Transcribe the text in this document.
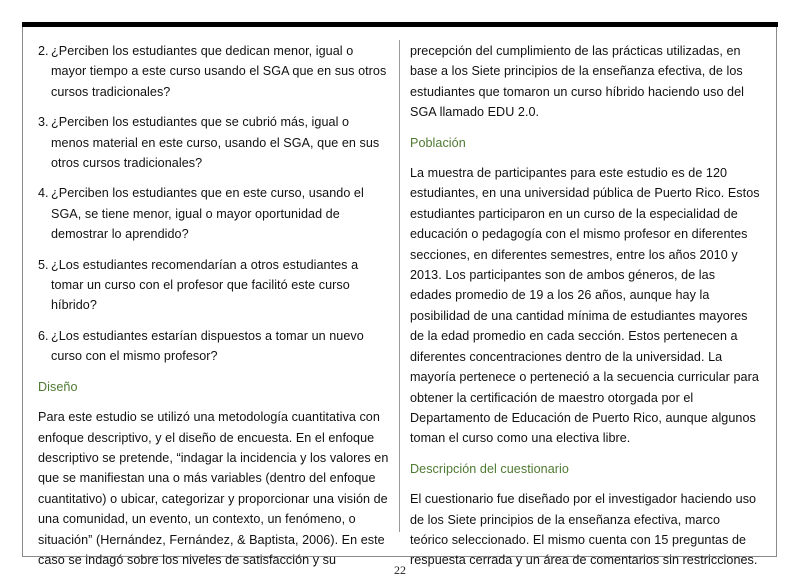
2. ¿Perciben los estudiantes que dedican menor, igual o mayor tiempo a este curso usando el SGA que en sus otros cursos tradicionales?
3. ¿Perciben los estudiantes que se cubrió más, igual o menos material en este curso, usando el SGA, que en sus otros cursos tradicionales?
4. ¿Perciben los estudiantes que en este curso, usando el SGA, se tiene menor, igual o mayor oportunidad de demostrar lo aprendido?
5. ¿Los estudiantes recomendarían a otros estudiantes a tomar un curso con el profesor que facilitó este curso híbrido?
6. ¿Los estudiantes estarían dispuestos a tomar un nuevo curso con el mismo profesor?
Diseño

Para este estudio se utilizó una metodología cuantitativa con enfoque descriptivo, y el diseño de encuesta. En el enfoque descriptivo se pretende, “indagar la incidencia y los valores en que se manifiestan una o más variables (dentro del enfoque cuantitativo) o ubicar, categorizar y proporcionar una visión de una comunidad, un evento, un contexto, un fenómeno, o situación” (Hernández, Fernández, & Baptista, 2006). En este caso se indagó sobre los niveles de satisfacción y su

precepción del cumplimiento de las prácticas utilizadas, en base a los Siete principios de la enseñanza efectiva, de los estudiantes que tomaron un curso híbrido haciendo uso del SGA llamado EDU 2.0.

Población

La muestra de participantes para este estudio es de 120 estudiantes, en una universidad pública de Puerto Rico. Estos estudiantes participaron en un curso de la especialidad de educación o pedagogía con el mismo profesor en diferentes secciones, en diferentes semestres, entre los años 2010 y 2013. Los participantes son de ambos géneros, de las edades promedio de 19 a los 26 años, aunque hay la posibilidad de una cantidad mínima de estudiantes mayores de la edad promedio en cada sección. Estos pertenecen a diferentes concentraciones dentro de la universidad. La mayoría pertenece o perteneció a la secuencia curricular para obtener la certificación de maestro otorgada por el Departamento de Educación de Puerto Rico, aunque algunos toman el curso como una electiva libre.

Descripción del cuestionario

El cuestionario fue diseñado por el investigador haciendo uso de los Siete principios de la enseñanza efectiva, marco teórico seleccionado. El mismo cuenta con 15 preguntas de respuesta cerrada y un área de comentarios sin restricciones.

22
